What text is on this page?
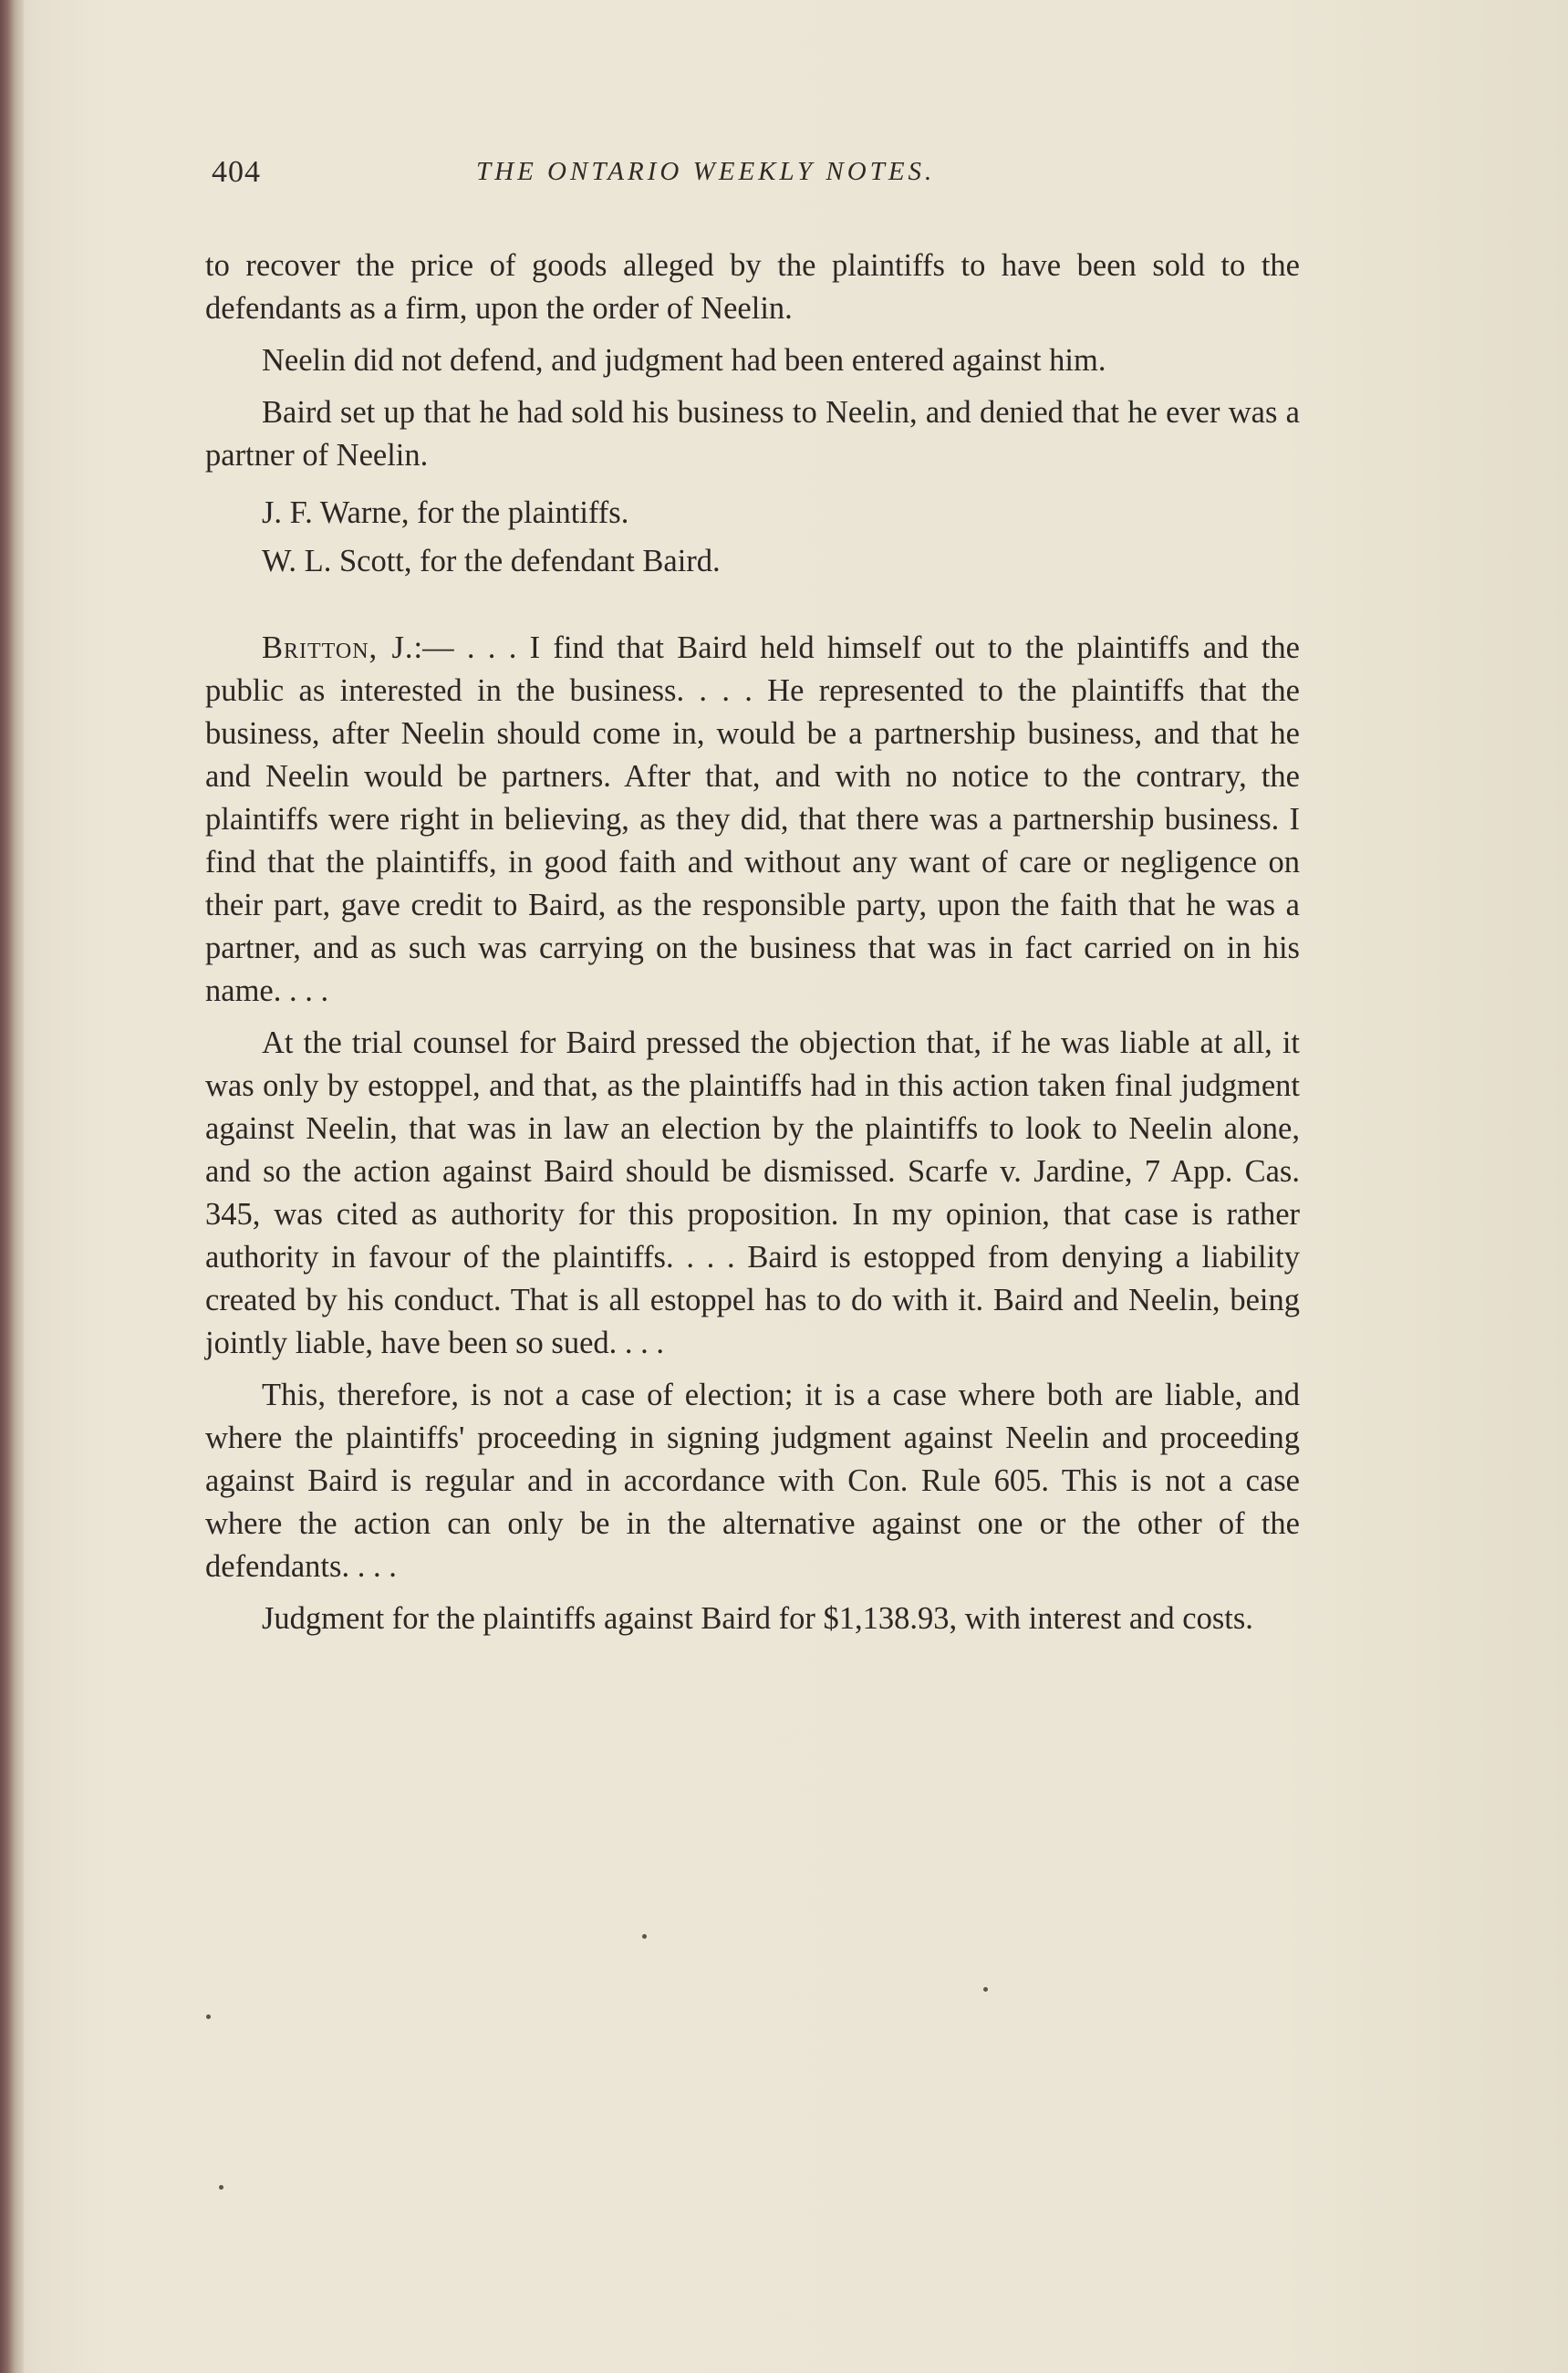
404	THE ONTARIO WEEKLY NOTES.

to recover the price of goods alleged by the plaintiffs to have been sold to the defendants as a firm, upon the order of Neelin.

Neelin did not defend, and judgment had been entered against him.

Baird set up that he had sold his business to Neelin, and denied that he ever was a partner of Neelin.

J. F. Warne, for the plaintiffs.

W. L. Scott, for the defendant Baird.

Britton, J.:— . . . I find that Baird held himself out to the plaintiffs and the public as interested in the business. . . . He represented to the plaintiffs that the business, after Neelin should come in, would be a partnership business, and that he and Neelin would be partners. After that, and with no notice to the contrary, the plaintiffs were right in believing, as they did, that there was a partnership business. I find that the plaintiffs, in good faith and without any want of care or negligence on their part, gave credit to Baird, as the responsible party, upon the faith that he was a partner, and as such was carrying on the business that was in fact carried on in his name. . . .

At the trial counsel for Baird pressed the objection that, if he was liable at all, it was only by estoppel, and that, as the plaintiffs had in this action taken final judgment against Neelin, that was in law an election by the plaintiffs to look to Neelin alone, and so the action against Baird should be dismissed. Scarfe v. Jardine, 7 App. Cas. 345, was cited as authority for this proposition. In my opinion, that case is rather authority in favour of the plaintiffs. . . . Baird is estopped from denying a liability created by his conduct. That is all estoppel has to do with it. Baird and Neelin, being jointly liable, have been so sued. . . .

This, therefore, is not a case of election; it is a case where both are liable, and where the plaintiffs' proceeding in signing judgment against Neelin and proceeding against Baird is regular and in accordance with Con. Rule 605. This is not a case where the action can only be in the alternative against one or the other of the defendants. . . .

Judgment for the plaintiffs against Baird for $1,138.93, with interest and costs.
